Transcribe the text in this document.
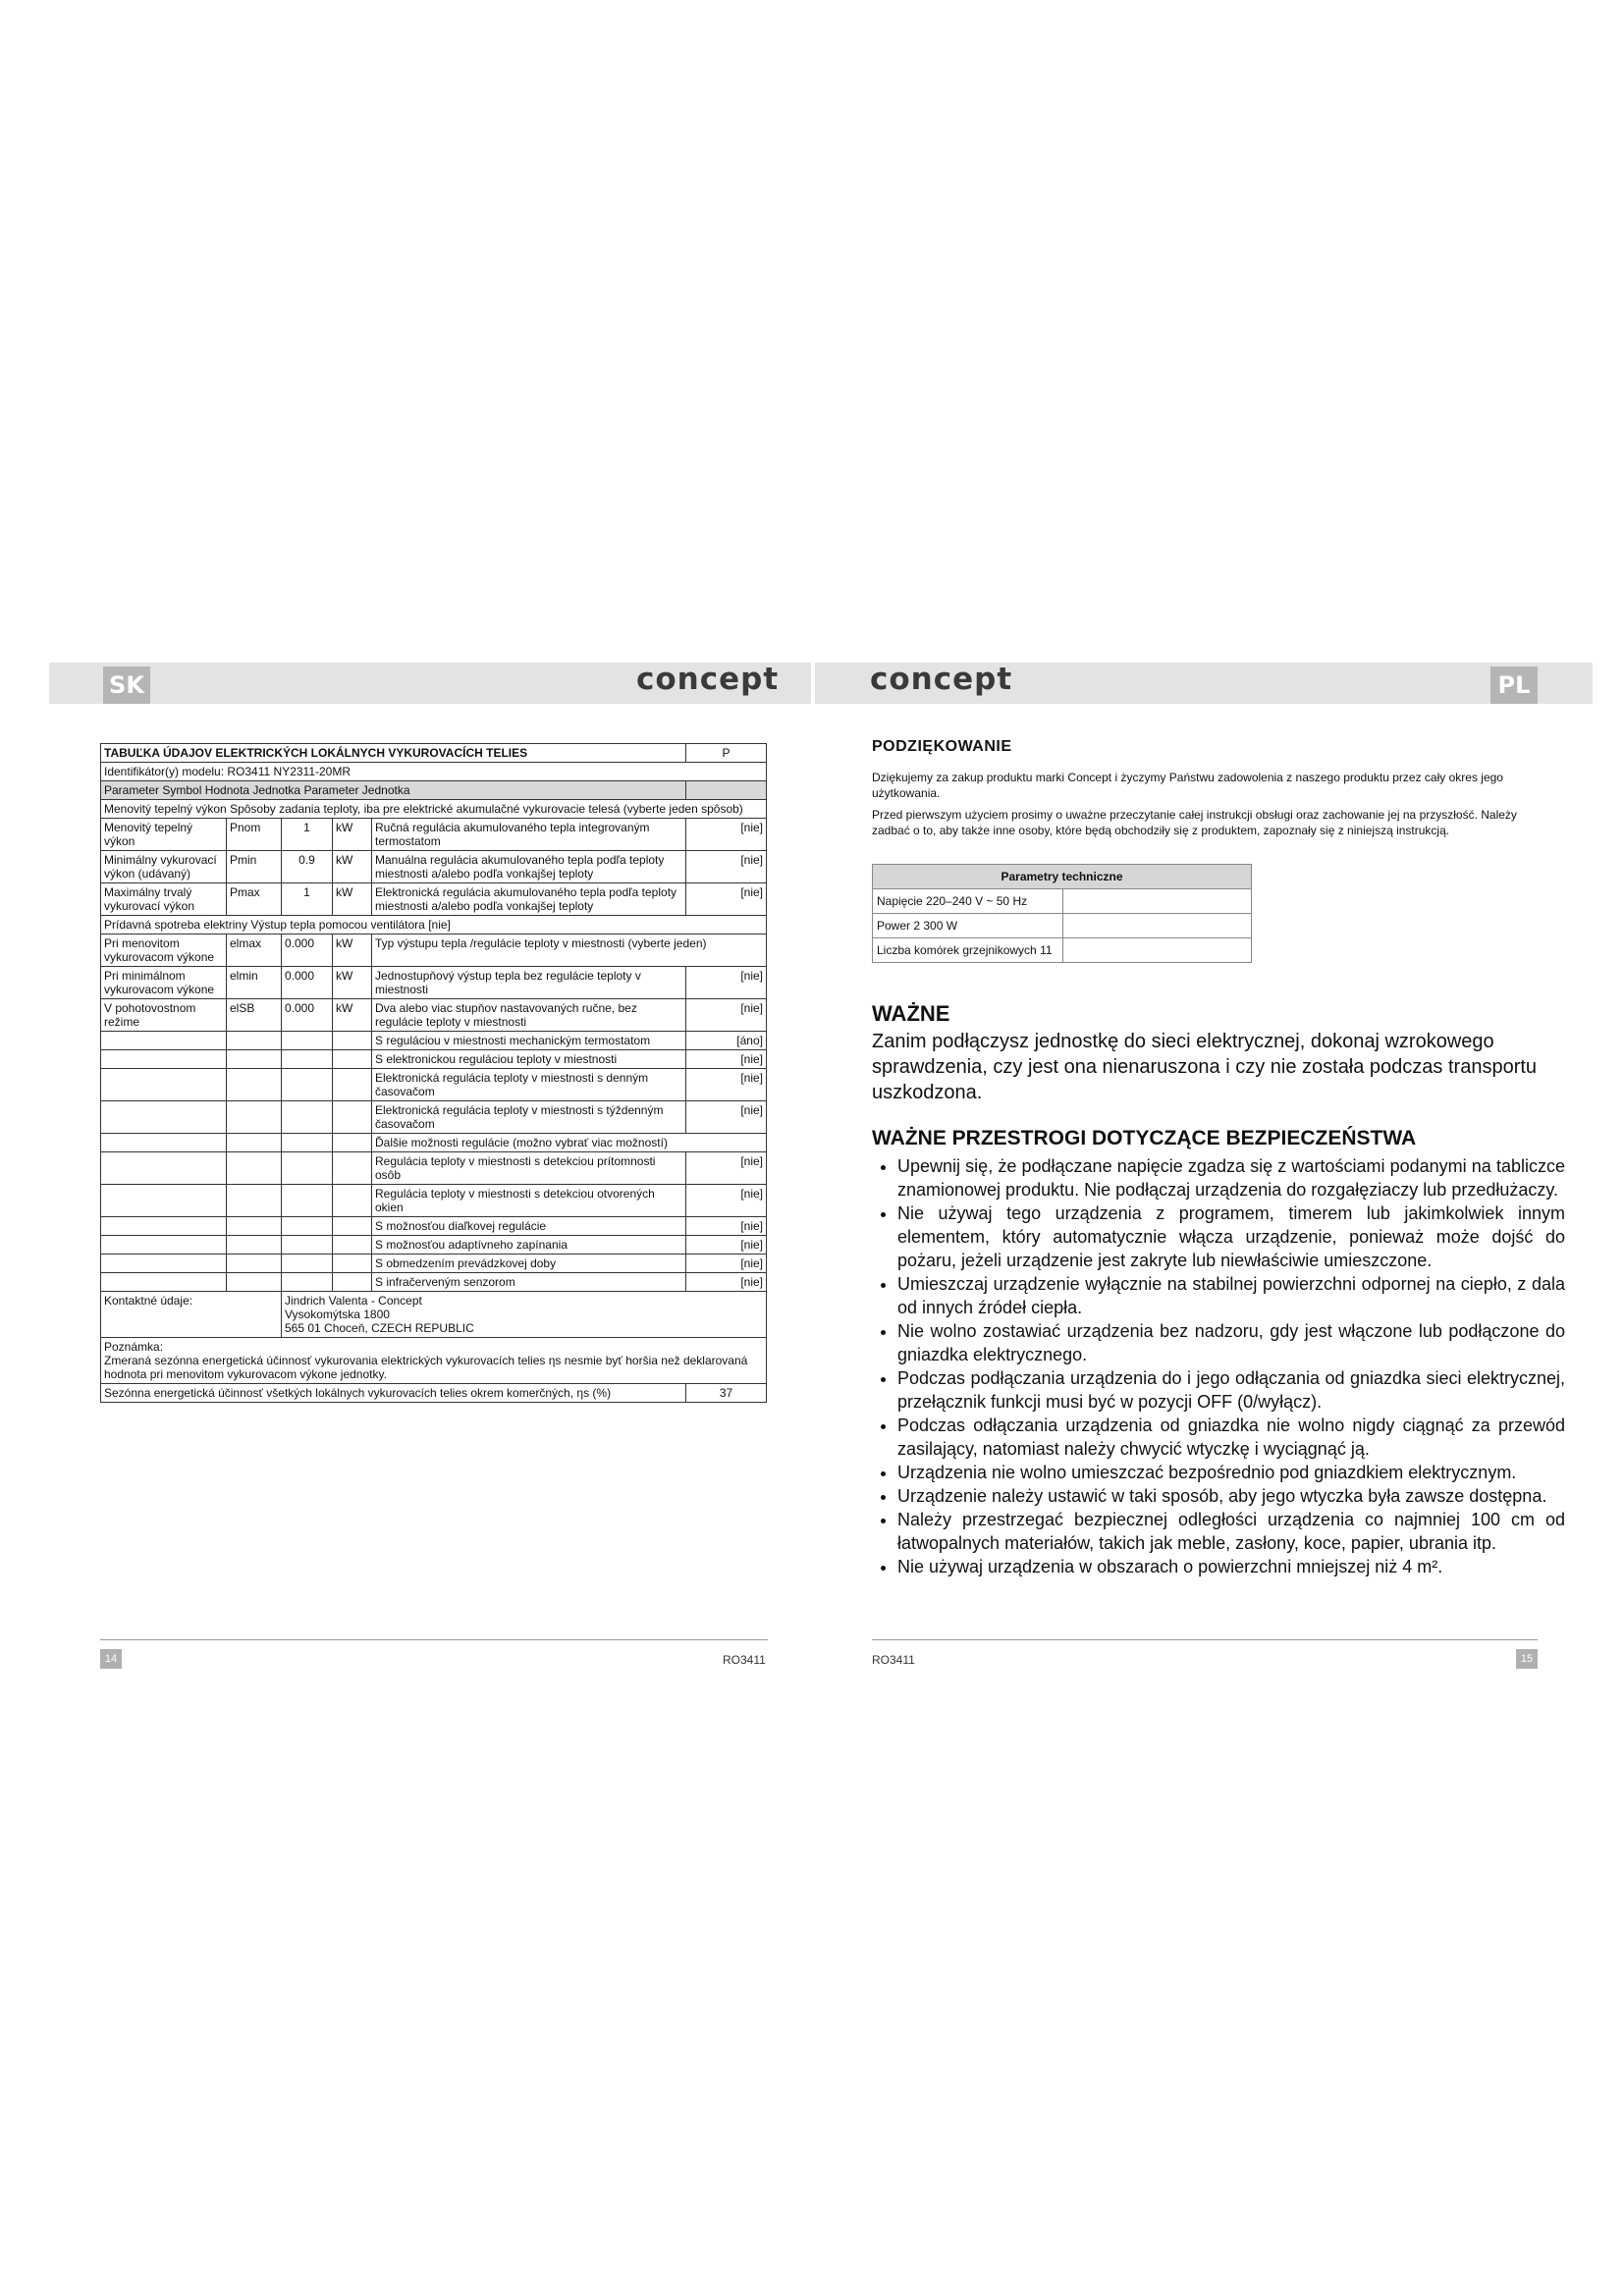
SK	PL
concept	concept
TABUĽKA ÚDAJOV ELEKTRICKÝCH LOKÁLNYCH VYKUROVACÍCH TELIES					P
Identifikátor(y) modelu: RO3411 NY2311-20MR					
Parameter Symbol Hodnota Jednotka Parameter Jednotka					
Menovitý tepelný výkon Spôsoby zadania teploty, iba pre elektrické akumulačné vykurovacie telesá (vyberte jeden spôsob)					
Menovitý tepelný výkon	Pnom	1	kW	Ručná regulácia akumulovaného tepla integrovaným termostatom	[nie]
Minimálny vykurovací výkon (udávaný)	Pmin	0.9	kW	Manuálna regulácia akumulovaného tepla podľa teploty miestnosti a/alebo podľa vonkajšej teploty	[nie]
Maximálny trvalý vykurovací výkon	Pmax	1	kW	Elektronická regulácia akumulovaného tepla podľa teploty miestnosti a/alebo podľa vonkajšej teploty	[nie]
Prídavná spotreba elektriny Výstup tepla pomocou ventilátora [nie]					
Pri menovitom vykurovacom výkone	elmax	0.000	kW	Typ výstupu tepla /regulácie teploty v miestnosti (vyberte jeden)	
Pri minimálnom vykurovacom výkone	elmin	0.000	kW	Jednostupňový výstup tepla bez regulácie teploty v miestnosti	[nie]
V pohotovostnom režime	elSB	0.000	kW	Dva alebo viac stupňov nastavovaných ručne, bez regulácie teploty v miestnosti	[nie]
				S reguláciou v miestnosti mechanickým termostatom	[áno]
				S elektronickou reguláciou teploty v miestnosti	[nie]
				Elektronická regulácia teploty v miestnosti s denným časovačom	[nie]
				Elektronická regulácia teploty v miestnosti s týždenným časovačom	[nie]
				Ďalšie možnosti regulácie (možno vybrať viac možností)	
				Regulácia teploty v miestnosti s detekciou prítomnosti osôb	[nie]
				Regulácia teploty v miestnosti s detekciou otvorených okien	[nie]
				S možnosťou diaľkovej regulácie	[nie]
				S možnosťou adaptívneho zapínania	[nie]
				S obmedzením prevádzkovej doby	[nie]
				S infračerveným senzorom	[nie]
Kontaktné údaje:		Jindrich Valenta - Concept
Vysokomýtska 1800
565 01 Choceň, CZECH REPUBLIC			

Poznámka:
Zmeraná sezónna energetická účinnosť vykurovania elektrických vykurovacích telies ηs nesmie byť horšia než deklarovaná hodnota pri menovitom vykurovacom výkone jednotky.					

Sezónna energetická účinnosť všetkých lokálnych vykurovacích telies okrem komerčných, ηs (%)					37
PODZIĘKOWANIE

Dziękujemy za zakup produktu marki Concept i życzymy Państwu zadowolenia z naszego produktu przez cały okres jego użytkowania.

Przed pierwszym użyciem prosimy o uważne przeczytanie całej instrukcji obsługi oraz zachowanie jej na przyszłość. Należy zadbać o to, aby także inne osoby, które będą obchodziły się z produktem, zapoznały się z niniejszą instrukcją.

Parametry techniczne	
Napięcie 220–240 V ~ 50 Hz	
Power 2 300 W	
Liczba komórek grzejnikowych 11	
WAŻNE

Zanim podłączysz jednostkę do sieci elektrycznej, dokonaj wzrokowego sprawdzenia, czy jest ona nienaruszona i czy nie została podczas transportu uszkodzona.

WAŻNE PRZESTROGI DOTYCZĄCE BEZPIECZEŃSTWA
• Upewnij się, że podłączane napięcie zgadza się z wartościami podanymi na tabliczce znamionowej produktu. Nie podłączaj urządzenia do rozgałęziaczy lub przedłużaczy.
• Nie używaj tego urządzenia z programem, timerem lub jakimkolwiek innym elementem, który automatycznie włącza urządzenie, ponieważ może dojść do pożaru, jeżeli urządzenie jest zakryte lub niewłaściwie umieszczone.
• Umieszczaj urządzenie wyłącznie na stabilnej powierzchni odpornej na ciepło, z dala od innych źródeł ciepła.
• Nie wolno zostawiać urządzenia bez nadzoru, gdy jest włączone lub podłączone do gniazdka elektrycznego.
• Podczas podłączania urządzenia do i jego odłączania od gniazdka sieci elektrycznej, przełącznik funkcji musi być w pozycji OFF (0/wyłącz).
• Podczas odłączania urządzenia od gniazdka nie wolno nigdy ciągnąć za przewód zasilający, natomiast należy chwycić wtyczkę i wyciągnąć ją.
• Urządzenia nie wolno umieszczać bezpośrednio pod gniazdkiem elektrycznym.
• Urządzenie należy ustawić w taki sposób, aby jego wtyczka była zawsze dostępna.
• Należy przestrzegać bezpiecznej odległości urządzenia co najmniej 100 cm od łatwopalnych materiałów, takich jak meble, zasłony, koce, papier, ubrania itp.
• Nie używaj urządzenia w obszarach o powierzchni mniejszej niż 4 m².
14	RO3411	RO3411	15
